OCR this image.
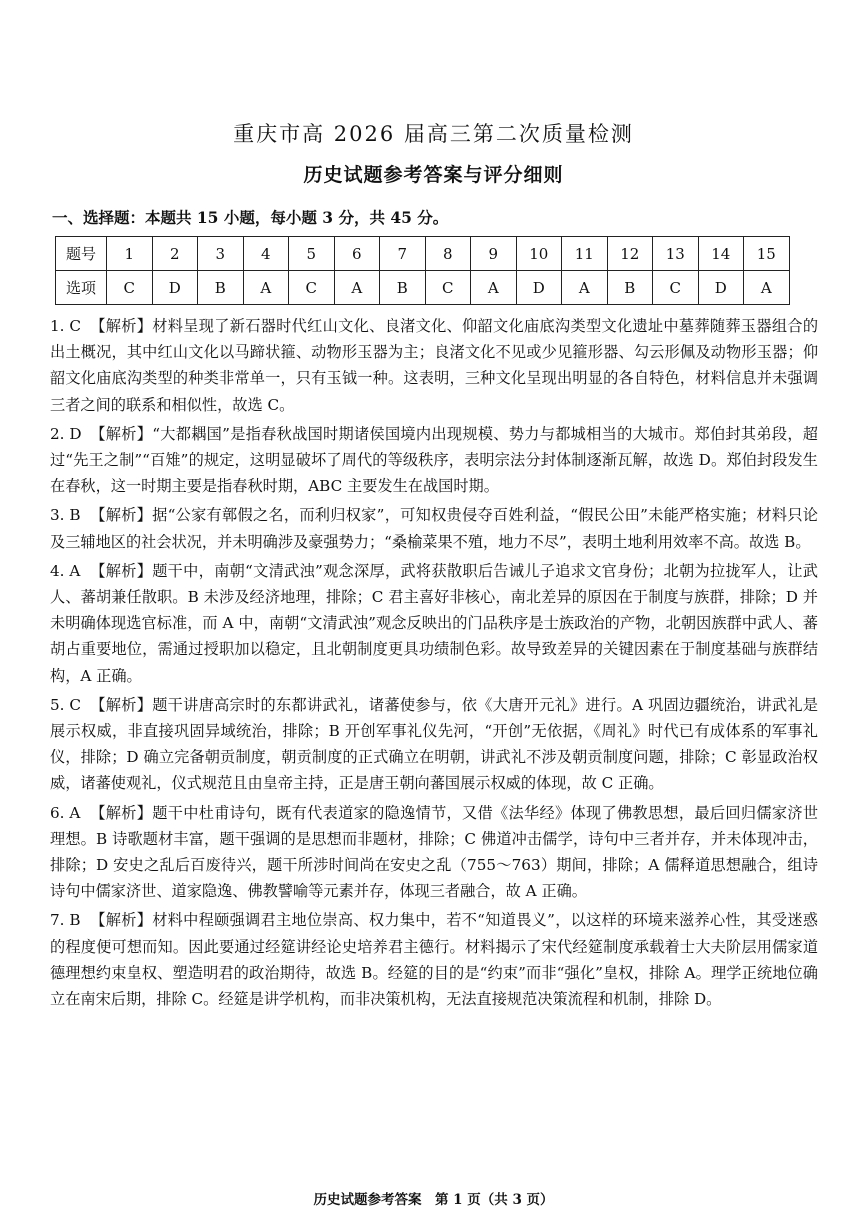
重庆市高 2026 届高三第二次质量检测
历史试题参考答案与评分细则
一、选择题：本题共 15 小题，每小题 3 分，共 45 分。
题号	1	2	3	4	5	6	7	8	9	10	11	12	13	14	15
选项	C	D	B	A	C	A	B	C	A	D	A	B	C	D	A
1. C 【解析】材料呈现了新石器时代红山文化、良渚文化、仰韶文化庙底沟类型文化遗址中墓葬随葬玉器组合的出土概况，其中红山文化以马蹄状箍、动物形玉器为主；良渚文化不见或少见箍形器、勾云形佩及动物形玉器；仰韶文化庙底沟类型的种类非常单一，只有玉钺一种。这表明，三种文化呈现出明显的各自特色，材料信息并未强调三者之间的联系和相似性，故选 C。
2. D 【解析】“大都耦国”是指春秋战国时期诸侯国境内出现规模、势力与都城相当的大城市。郑伯封其弟段，超过“先王之制”“百雉”的规定，这明显破坏了周代的等级秩序，表明宗法分封体制逐渐瓦解，故选 D。郑伯封段发生在春秋，这一时期主要是指春秋时期，ABC 主要发生在战国时期。
3. B 【解析】据“公家有鄣假之名，而利归权家”，可知权贵侵夺百姓利益，“假民公田”未能严格实施；材料只论及三辅地区的社会状况，并未明确涉及豪强势力；“桑榆菜果不殖，地力不尽”，表明土地利用效率不高。故选 B。
4. A 【解析】题干中，南朝“文清武浊”观念深厚，武将获散职后告诫儿子追求文官身份；北朝为拉拢军人，让武人、蕃胡兼任散职。B 未涉及经济地理，排除；C 君主喜好非核心，南北差异的原因在于制度与族群，排除；D 并未明确体现选官标准，而 A 中，南朝“文清武浊”观念反映出的门品秩序是士族政治的产物，北朝因族群中武人、蕃胡占重要地位，需通过授职加以稳定，且北朝制度更具功绩制色彩。故导致差异的关键因素在于制度基础与族群结构，A 正确。
5. C 【解析】题干讲唐高宗时的东都讲武礼，诸蕃使参与，依《大唐开元礼》进行。A 巩固边疆统治，讲武礼是展示权威，非直接巩固异域统治，排除；B 开创军事礼仪先河，“开创”无依据，《周礼》时代已有成体系的军事礼仪，排除；D 确立完备朝贡制度，朝贡制度的正式确立在明朝，讲武礼不涉及朝贡制度问题，排除；C 彰显政治权威，诸蕃使观礼，仪式规范且由皇帝主持，正是唐王朝向蕃国展示权威的体现，故 C 正确。
6. A 【解析】题干中杜甫诗句，既有代表道家的隐逸情节，又借《法华经》体现了佛教思想，最后回归儒家济世理想。B 诗歌题材丰富，题干强调的是思想而非题材，排除；C 佛道冲击儒学，诗句中三者并存，并未体现冲击，排除；D 安史之乱后百废待兴，题干所涉时间尚在安史之乱（755～763）期间，排除；A 儒释道思想融合，组诗诗句中儒家济世、道家隐逸、佛教譬喻等元素并存，体现三者融合，故 A 正确。
7. B 【解析】材料中程颐强调君主地位崇高、权力集中，若不“知道畏义”，以这样的环境来滋养心性，其受迷惑的程度便可想而知。因此要通过经筵讲经论史培养君主德行。材料揭示了宋代经筵制度承载着士大夫阶层用儒家道德理想约束皇权、塑造明君的政治期待，故选 B。经筵的目的是“约束”而非“强化”皇权，排除 A。理学正统地位确立在南宋后期，排除 C。经筵是讲学机构，而非决策机构，无法直接规范决策流程和机制，排除 D。
历史试题参考答案　第 1 页（共 3 页）
